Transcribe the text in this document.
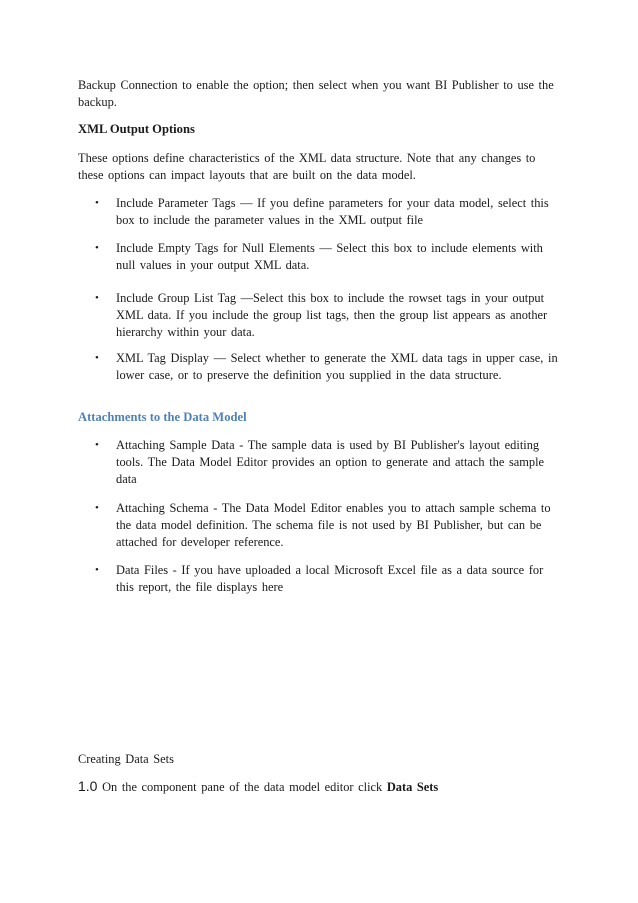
Backup Connection to enable the option; then select when you want BI Publisher to use the backup.

XML Output Options

These options define characteristics of the XML data structure. Note that any changes to these options can impact layouts that are built on the data model.

•	Include Parameter Tags — If you define parameters for your data model, select this box to include the parameter values in the XML output file
•	Include Empty Tags for Null Elements — Select this box to include elements with null values in your output XML data.
•	Include Group List Tag —Select this box to include the rowset tags in your output XML data. If you include the group list tags, then the group list appears as another hierarchy within your data.
•	XML Tag Display — Select whether to generate the XML data tags in upper case, in lower case, or to preserve the definition you supplied in the data structure.

Attachments to the Data Model

•	Attaching Sample Data - The sample data is used by BI Publisher's layout editing tools. The Data Model Editor provides an option to generate and attach the sample data
•	Attaching Schema - The Data Model Editor enables you to attach sample schema to the data model definition. The schema file is not used by BI Publisher, but can be attached for developer reference.
•	Data Files - If you have uploaded a local Microsoft Excel file as a data source for this report, the file displays here

Creating Data Sets

1.0 On the component pane of the data model editor click Data Sets
